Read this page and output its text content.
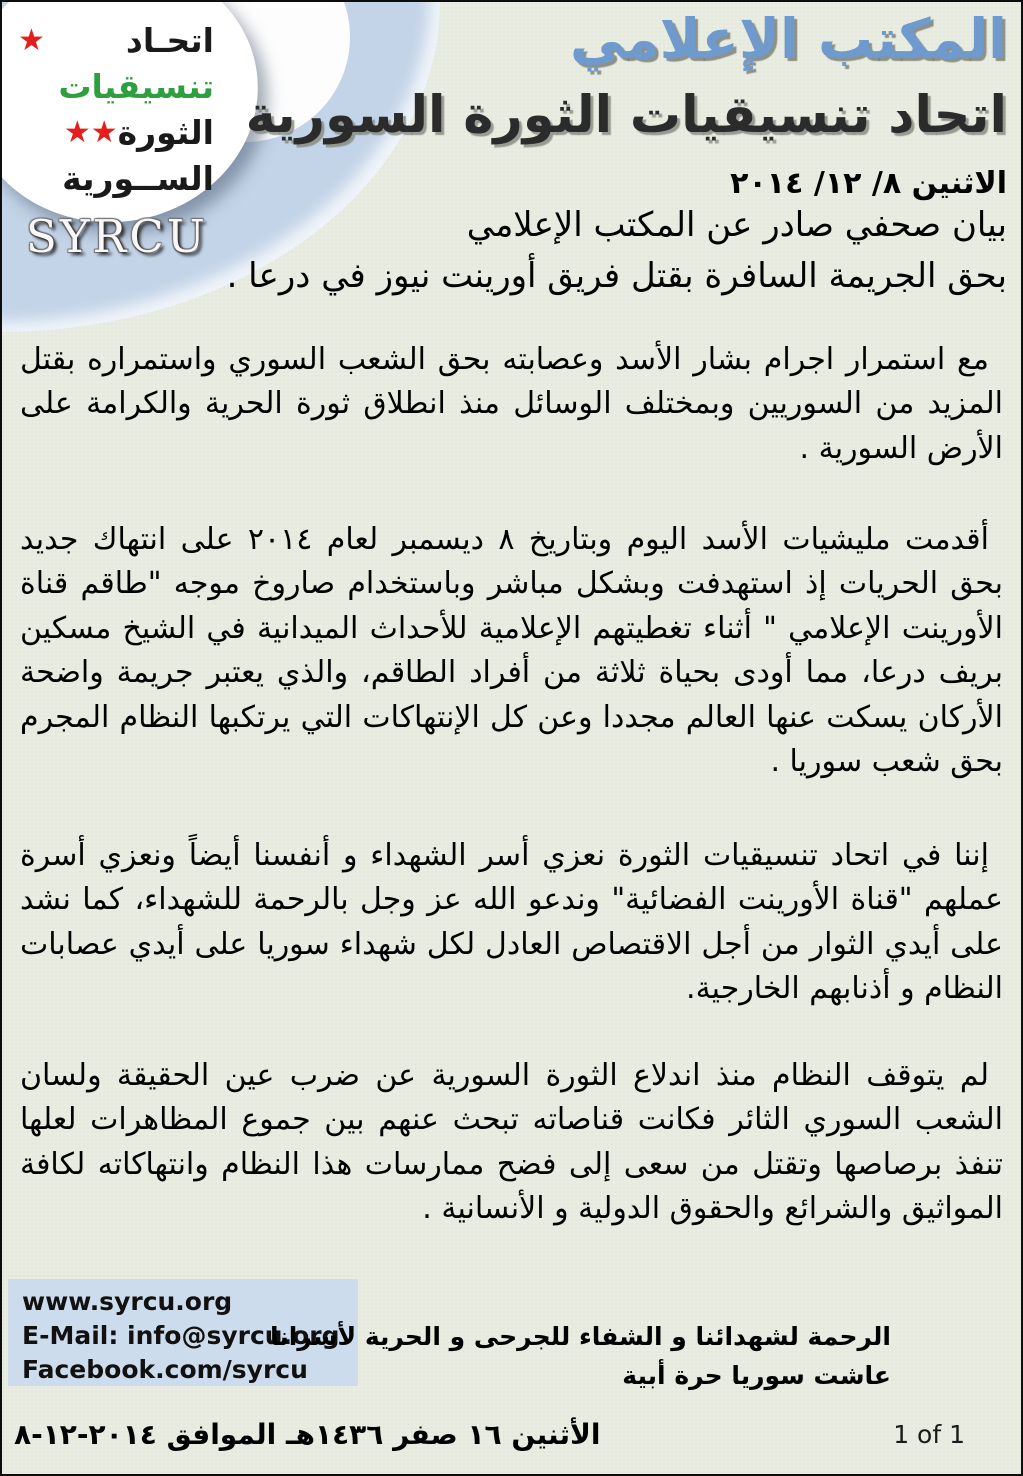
اتحـاد
★
تنسيقيات
الثورة
★★
الســورية
SYRCU
المكتب الإعلامي
اتحاد تنسيقيات الثورة السورية
الاثنين ٨/ ١٢/ ٢٠١٤
بيان صحفي صادر عن المكتب الإعلامي
بحق الجريمة السافرة بقتل فريق أورينت نيوز في درعا .

مع استمرار اجرام بشار الأسد وعصابته بحق الشعب السوري واستمراره بقتل المزيد من السوريين وبمختلف الوسائل منذ انطلاق ثورة الحرية والكرامة على الأرض السورية .

أقدمت مليشيات الأسد اليوم وبتاريخ ٨ ديسمبر لعام ٢٠١٤ على انتهاك جديد بحق الحريات إذ استهدفت وبشكل مباشر وباستخدام صاروخ موجه "طاقم قناة الأورينت الإعلامي " أثناء تغطيتهم الإعلامية للأحداث الميدانية في الشيخ مسكين بريف درعا، مما أودى بحياة ثلاثة من أفراد الطاقم، والذي يعتبر جريمة واضحة الأركان يسكت عنها العالم مجددا وعن كل الإنتهاكات التي يرتكبها النظام المجرم بحق شعب سوريا .

إننا في اتحاد تنسيقيات الثورة نعزي أسر الشهداء و أنفسنا أيضاً ونعزي أسرة عملهم "قناة الأورينت الفضائية" وندعو الله عز وجل بالرحمة للشهداء، كما نشد على أيدي الثوار من أجل الاقتصاص العادل لكل شهداء سوريا على أيدي عصابات النظام و أذنابهم الخارجية.

لم يتوقف النظام منذ اندلاع الثورة السورية عن ضرب عين الحقيقة ولسان الشعب السوري الثائر فكانت قناصاته تبحث عنهم بين جموع المظاهرات لعلها تنفذ برصاصها وتقتل من سعى إلى فضح ممارسات هذا النظام وانتهاكاته لكافة المواثيق والشرائع والحقوق الدولية و الأنسانية .

www.syrcu.org
E-Mail: info@syrcu.org
Facebook.com/syrcu
الرحمة لشهدائنا و الشفاء للجرحى و الحرية لأسرانا
عاشت سوريا حرة أبية
الأثنين ١٦ صفر ١٤٣٦هـ الموافق ٢٠١٤-١٢-٨	1 of 1
